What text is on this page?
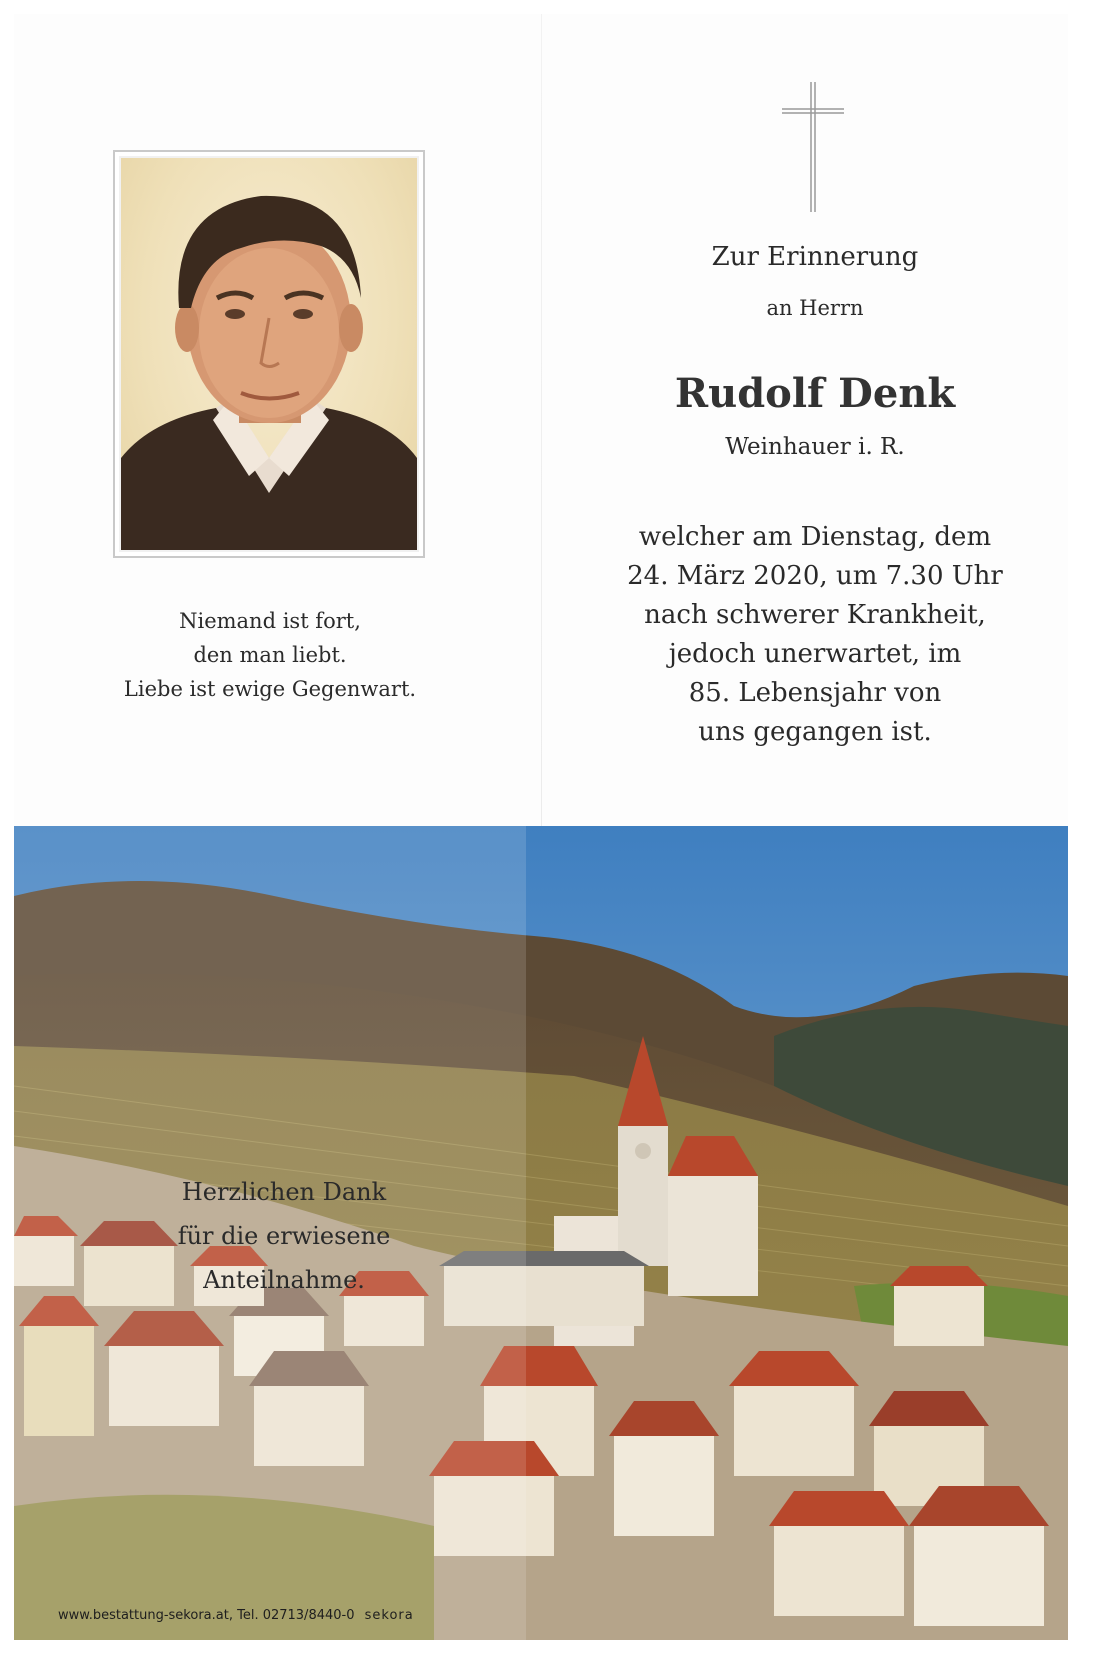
Niemand ist fort,
den man liebt.
Liebe ist ewige Gegenwart.
Zur Erinnerung
an Herrn
Rudolf Denk
Weinhauer i. R.
welcher am Dienstag, dem
24. März 2020, um 7.30 Uhr
nach schwerer Krankheit,
jedoch unerwartet, im
85. Lebensjahr von
uns gegangen ist.
Herzlichen Dank
für die erwiesene
Anteilnahme.
www.bestattung-sekora.at, Tel. 02713/8440-0 sekora
